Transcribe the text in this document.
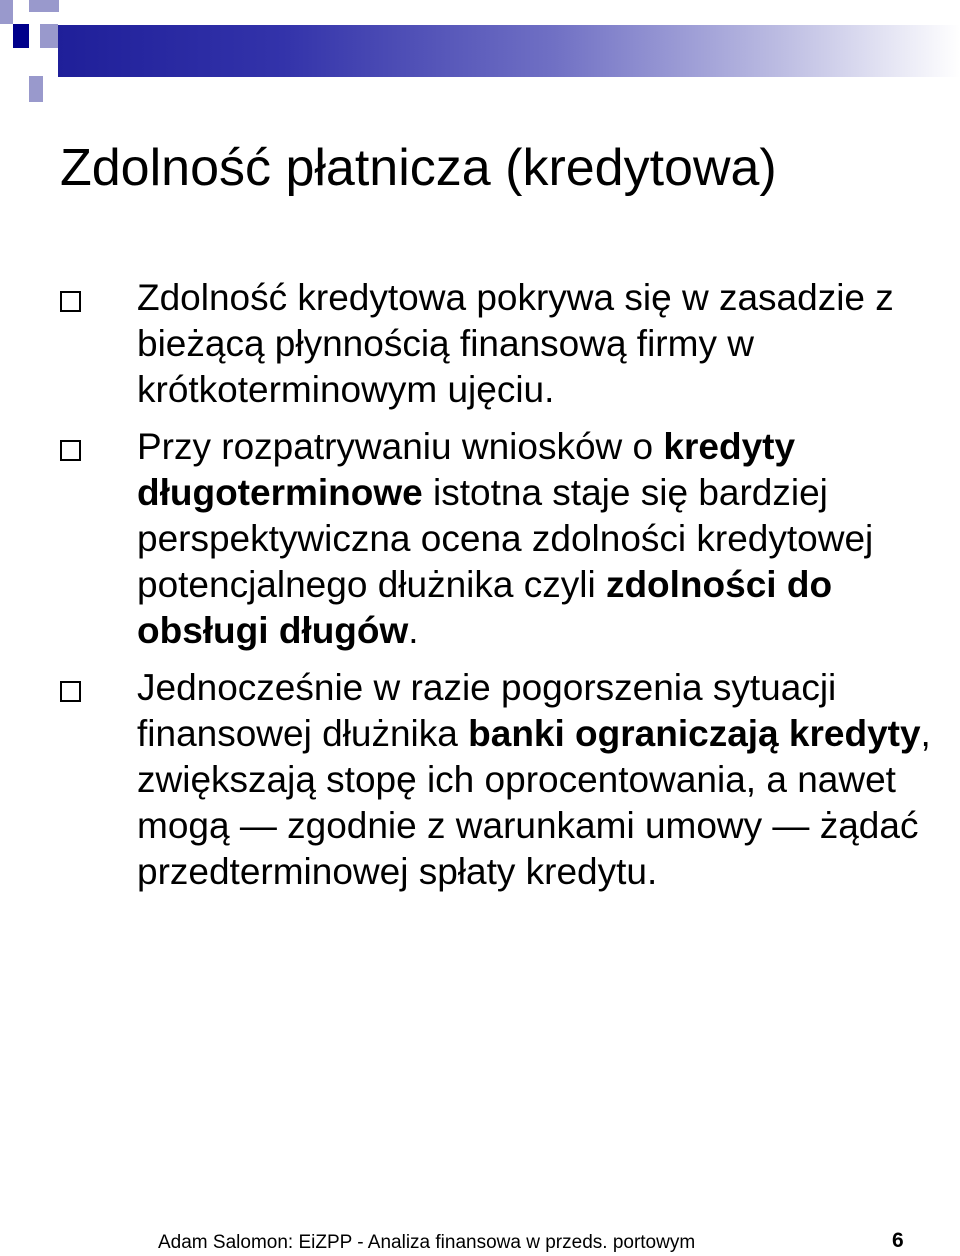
Zdolność płatnicza (kredytowa)
Zdolność kredytowa pokrywa się w zasadzie z bieżącą płynnością finansową firmy w krótkoterminowym ujęciu.
Przy rozpatrywaniu wniosków o kredyty długoterminowe istotna staje się bardziej perspektywiczna ocena zdolności kredytowej potencjalnego dłużnika czyli zdolności do obsługi długów.
Jednocześnie w razie pogorszenia sytuacji finansowej dłużnika banki ograniczają kredyty, zwiększają stopę ich oprocentowania, a nawet mogą — zgodnie z warunkami umowy — żądać przedterminowej spłaty kredytu.
Adam Salomon: EiZPP - Analiza finansowa w przeds. portowym	6
